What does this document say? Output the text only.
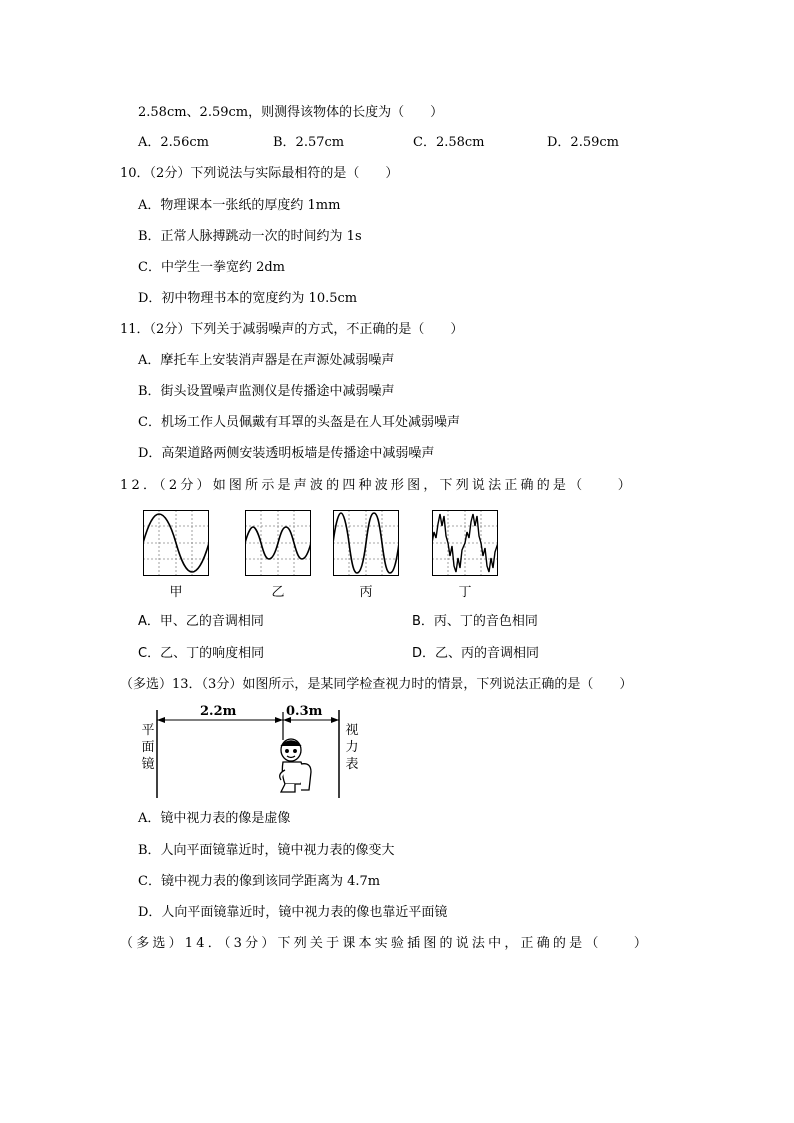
2.58cm、2.59cm，则测得该物体的长度为（　　）
A．2.56cm	B．2.57cm	C．2.58cm	D．2.59cm
10．（2分）下列说法与实际最相符的是（　　）
A．物理课本一张纸的厚度约 1mm
B．正常人脉搏跳动一次的时间约为 1s
C．中学生一拳宽约 2dm
D．初中物理书本的宽度约为 10.5cm
11．（2分）下列关于减弱噪声的方式，不正确的是（　　）
A．摩托车上安装消声器是在声源处减弱噪声
B．街头设置噪声监测仪是传播途中减弱噪声
C．机场工作人员佩戴有耳罩的头盔是在人耳处减弱噪声
D．高架道路两侧安装透明板墙是传播途中减弱噪声
12．（2分）如图所示是声波的四种波形图，下列说法正确的是（　　）
甲	乙	丙	丁
A．甲、乙的音调相同	B．丙、丁的音色相同
C．乙、丁的响度相同	D．乙、丙的音调相同
（多选）13．（3分）如图所示，是某同学检查视力时的情景，下列说法正确的是（　　）
2.2m	0.3m
平
面
镜
视
力
表
A．镜中视力表的像是虚像
B．人向平面镜靠近时，镜中视力表的像变大
C．镜中视力表的像到该同学距离为 4.7m
D．人向平面镜靠近时，镜中视力表的像也靠近平面镜
（多选）14．（3分）下列关于课本实验插图的说法中，正确的是（　　）
